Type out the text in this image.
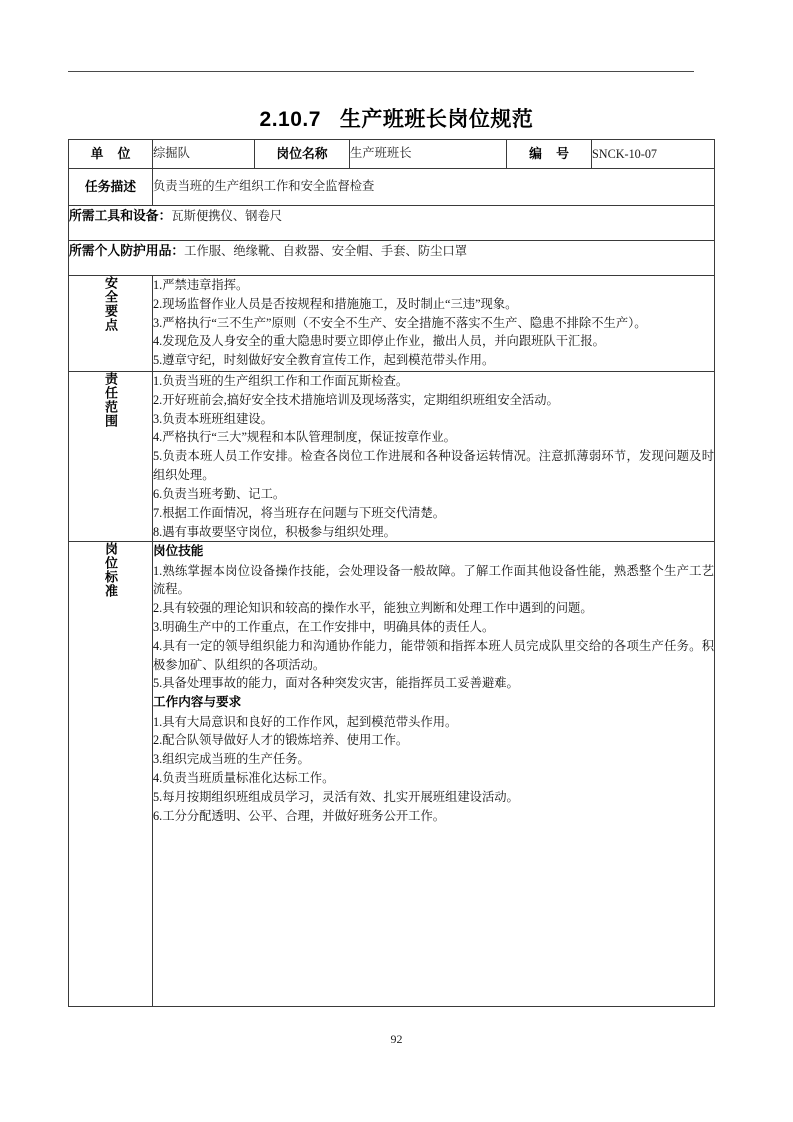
2.10.7   生产班班长岗位规范
单    位	综掘队	岗位名称	生产班班长	编    号	SNCK-10-07
任务描述	负责当班的生产组织工作和安全监督检查				
所需工具和设备：瓦斯便携仪、钢卷尺					
所需个人防护用品：工作服、绝缘靴、自救器、安全帽、手套、防尘口罩					
安全要点	1.严禁违章指挥。

2.现场监督作业人员是否按规程和措施施工，及时制止“三违”现象。

3.严格执行“三不生产”原则（不安全不生产、安全措施不落实不生产、隐患不排除不生产）。

4.发现危及人身安全的重大隐患时要立即停止作业，撤出人员，并向跟班队干汇报。

5.遵章守纪，时刻做好安全教育宣传工作，起到模范带头作用。				

责任范围	1.负责当班的生产组织工作和工作面瓦斯检查。

2.开好班前会,搞好安全技术措施培训及现场落实，定期组织班组安全活动。

3.负责本班班组建设。

4.严格执行“三大”规程和本队管理制度，保证按章作业。

5.负责本班人员工作安排。检查各岗位工作进展和各种设备运转情况。注意抓薄弱环节，发现问题及时组织处理。

6.负责当班考勤、记工。

7.根据工作面情况，将当班存在问题与下班交代清楚。

8.遇有事故要坚守岗位，积极参与组织处理。

岗位标准	岗位技能

1.熟练掌握本岗位设备操作技能，会处理设备一般故障。了解工作面其他设备性能，熟悉整个生产工艺流程。

2.具有较强的理论知识和较高的操作水平，能独立判断和处理工作中遇到的问题。

3.明确生产中的工作重点，在工作安排中，明确具体的责任人。

4.具有一定的领导组织能力和沟通协作能力，能带领和指挥本班人员完成队里交给的各项生产任务。积极参加矿、队组织的各项活动。

5.具备处理事故的能力，面对各种突发灾害，能指挥员工妥善避难。

工作内容与要求

1.具有大局意识和良好的工作作风，起到模范带头作用。

2.配合队领导做好人才的锻炼培养、使用工作。

3.组织完成当班的生产任务。

4.负责当班质量标准化达标工作。

5.每月按期组织班组成员学习，灵活有效、扎实开展班组建设活动。

6.工分分配透明、公平、合理，并做好班务公开工作。

92
